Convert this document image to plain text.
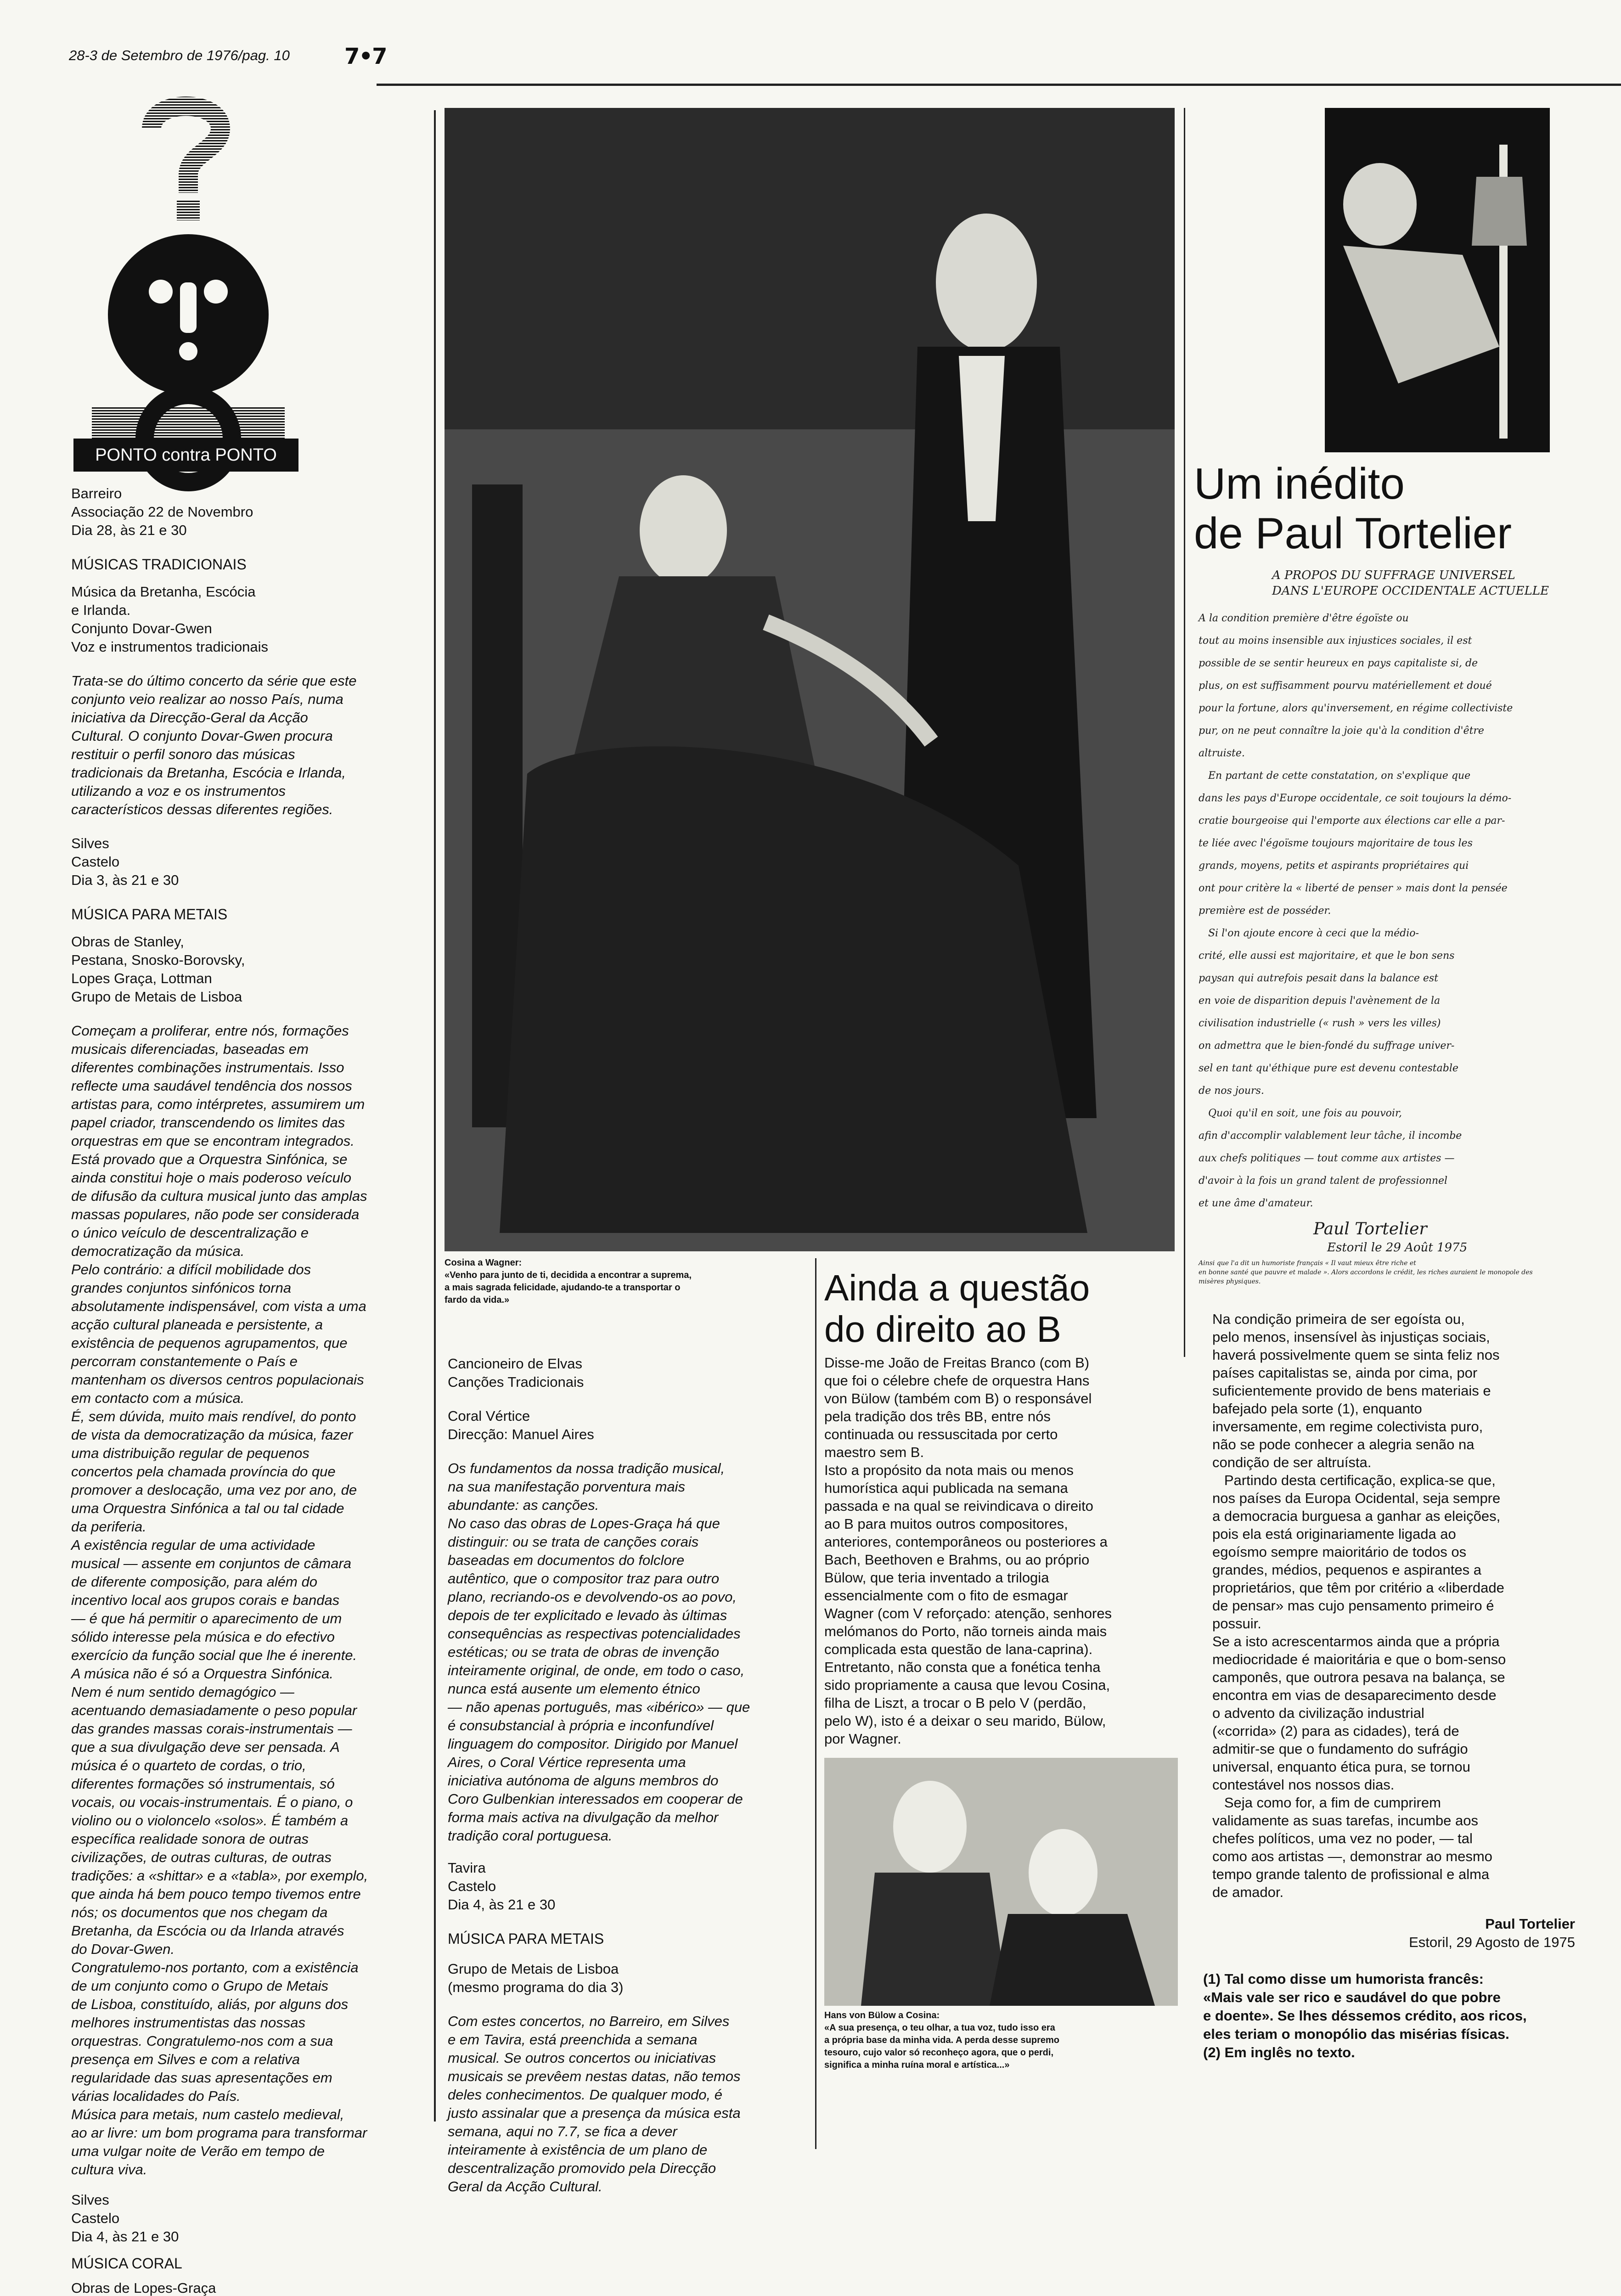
28-3 de Setembro de 1976/pag. 10 7•7
PONTO contra PONTO

Barreiro

Associação 22 de Novembro

Dia 28, às 21 e 30

MÚSICAS TRADICIONAIS

Música da Bretanha, Escócia
e Irlanda.
Conjunto Dovar-Gwen
Voz e instrumentos tradicionais

Trata-se do último concerto da série que este
conjunto veio realizar ao nosso País, numa
iniciativa da Direcção-Geral da Acção
Cultural. O conjunto Dovar-Gwen procura
restituir o perfil sonoro das músicas
tradicionais da Bretanha, Escócia e Irlanda,
utilizando a voz e os instrumentos
característicos dessas diferentes regiões.

Silves

Castelo

Dia 3, às 21 e 30

MÚSICA PARA METAIS

Obras de Stanley,
Pestana, Snosko-Borovsky,
Lopes Graça, Lottman
Grupo de Metais de Lisboa

Começam a proliferar, entre nós, formações
musicais diferenciadas, baseadas em
diferentes combinações instrumentais. Isso
reflecte uma saudável tendência dos nossos
artistas para, como intérpretes, assumirem um
papel criador, transcendendo os limites das
orquestras em que se encontram integrados.
Está provado que a Orquestra Sinfónica, se
ainda constitui hoje o mais poderoso veículo
de difusão da cultura musical junto das amplas
massas populares, não pode ser considerada
o único veículo de descentralização e
democratização da música.
Pelo contrário: a difícil mobilidade dos
grandes conjuntos sinfónicos torna
absolutamente indispensável, com vista a uma
acção cultural planeada e persistente, a
existência de pequenos agrupamentos, que
percorram constantemente o País e
mantenham os diversos centros populacionais
em contacto com a música.
É, sem dúvida, muito mais rendível, do ponto
de vista da democratização da música, fazer
uma distribuição regular de pequenos
concertos pela chamada província do que
promover a deslocação, uma vez por ano, de
uma Orquestra Sinfónica a tal ou tal cidade
da periferia.
A existência regular de uma actividade
musical — assente em conjuntos de câmara
de diferente composição, para além do
incentivo local aos grupos corais e bandas
— é que há permitir o aparecimento de um
sólido interesse pela música e do efectivo
exercício da função social que lhe é inerente.
A música não é só a Orquestra Sinfónica.
Nem é num sentido demagógico —
acentuando demasiadamente o peso popular
das grandes massas corais-instrumentais —
que a sua divulgação deve ser pensada. A
música é o quarteto de cordas, o trio,
diferentes formações só instrumentais, só
vocais, ou vocais-instrumentais. É o piano, o
violino ou o violoncelo «solos». É também a
específica realidade sonora de outras
civilizações, de outras culturas, de outras
tradições: a «shittar» e a «tabla», por exemplo,
que ainda há bem pouco tempo tivemos entre
nós; os documentos que nos chegam da
Bretanha, da Escócia ou da Irlanda através
do Dovar-Gwen.
Congratulemo-nos portanto, com a existência
de um conjunto como o Grupo de Metais
de Lisboa, constituído, aliás, por alguns dos
melhores instrumentistas das nossas
orquestras. Congratulemo-nos com a sua
presença em Silves e com a relativa
regularidade das suas apresentações em
várias localidades do País.
Música para metais, num castelo medieval,
ao ar livre: um bom programa para transformar
uma vulgar noite de Verão em tempo de
cultura viva.

Silves

Castelo

Dia 4, às 21 e 30

MÚSICA CORAL

Obras de Lopes-Graça

Cosina a Wagner:

«Venho para junto de ti, decidida a encontrar a suprema,
a mais sagrada felicidade, ajudando-te a transportar o
fardo da vida.»

Cancioneiro de Elvas
Canções Tradicionais

Coral Vértice
Direcção: Manuel Aires

Os fundamentos da nossa tradição musical,
na sua manifestação porventura mais
abundante: as canções.
No caso das obras de Lopes-Graça há que
distinguir: ou se trata de canções corais
baseadas em documentos do folclore
autêntico, que o compositor traz para outro
plano, recriando-os e devolvendo-os ao povo,
depois de ter explicitado e levado às últimas
consequências as respectivas potencialidades
estéticas; ou se trata de obras de invenção
inteiramente original, de onde, em todo o caso,
nunca está ausente um elemento étnico
— não apenas português, mas «ibérico» — que
é consubstancial à própria e inconfundível
linguagem do compositor. Dirigido por Manuel
Aires, o Coral Vértice representa uma
iniciativa autónoma de alguns membros do
Coro Gulbenkian interessados em cooperar de
forma mais activa na divulgação da melhor
tradição coral portuguesa.

Tavira

Castelo

Dia 4, às 21 e 30

MÚSICA PARA METAIS

Grupo de Metais de Lisboa
(mesmo programa do dia 3)

Com estes concertos, no Barreiro, em Silves
e em Tavira, está preenchida a semana
musical. Se outros concertos ou iniciativas
musicais se prevêem nestas datas, não temos
deles conhecimentos. De qualquer modo, é
justo assinalar que a presença da música esta
semana, aqui no 7.7, se fica a dever
inteiramente à existência de um plano de
descentralização promovido pela Direcção
Geral da Acção Cultural.

Ainda a questão
do direito ao B

Disse-me João de Freitas Branco (com B)
que foi o célebre chefe de orquestra Hans
von Bülow (também com B) o responsável
pela tradição dos três BB, entre nós
continuada ou ressuscitada por certo
maestro sem B.
Isto a propósito da nota mais ou menos
humorística aqui publicada na semana
passada e na qual se reivindicava o direito
ao B para muitos outros compositores,
anteriores, contemporâneos ou posteriores a
Bach, Beethoven e Brahms, ou ao próprio
Bülow, que teria inventado a trilogia
essencialmente com o fito de esmagar
Wagner (com V reforçado: atenção, senhores
melómanos do Porto, não torneis ainda mais
complicada esta questão de lana-caprina).
Entretanto, não consta que a fonética tenha
sido propriamente a causa que levou Cosina,
filha de Liszt, a trocar o B pelo V (perdão,
pelo W), isto é a deixar o seu marido, Bülow,
por Wagner.

Hans von Bülow a Cosina:

«A sua presença, o teu olhar, a tua voz, tudo isso era
a própria base da minha vida. A perda desse supremo
tesouro, cujo valor só reconheço agora, que o perdi,
significa a minha ruína moral e artística...»

Um inédito
de Paul Tortelier

A PROPOS DU SUFFRAGE UNIVERSEL
DANS L'EUROPE OCCIDENTALE ACTUELLE

A la condition première d'être égoïste ou
tout au moins insensible aux injustices sociales, il est
possible de se sentir heureux en pays capitaliste si, de
plus, on est suffisamment pourvu matériellement et doué
pour la fortune, alors qu'inversement, en régime collectiviste
pur, on ne peut connaître la joie qu'à la condition d'être
altruiste.
En partant de cette constatation, on s'explique que
dans les pays d'Europe occidentale, ce soit toujours la démo-
cratie bourgeoise qui l'emporte aux élections car elle a par-
te liée avec l'égoïsme toujours majoritaire de tous les
grands, moyens, petits et aspirants propriétaires qui
ont pour critère la « liberté de penser » mais dont la pensée
première est de posséder.
Si l'on ajoute encore à ceci que la médio-
crité, elle aussi est majoritaire, et que le bon sens
paysan qui autrefois pesait dans la balance est
en voie de disparition depuis l'avènement de la
civilisation industrielle (« rush » vers les villes)
on admettra que le bien-fondé du suffrage univer-
sel en tant qu'éthique pure est devenu contestable
de nos jours.
Quoi qu'il en soit, une fois au pouvoir,
afin d'accomplir valablement leur tâche, il incombe
aux chefs politiques — tout comme aux artistes —
d'avoir à la fois un grand talent de professionnel
et une âme d'amateur.

Paul Tortelier

Estoril le 29 Août 1975

Ainsi que l'a dit un humoriste français « Il vaut mieux être riche et
en bonne santé que pauvre et malade ». Alors accordons le crédit, les riches auraient le monopole des
misères physiques.

Na condição primeira de ser egoísta ou,
pelo menos, insensível às injustiças sociais,
haverá possivelmente quem se sinta feliz nos
países capitalistas se, ainda por cima, por
suficientemente provido de bens materiais e
bafejado pela sorte (1), enquanto
inversamente, em regime colectivista puro,
não se pode conhecer a alegria senão na
condição de ser altruísta.
Partindo desta certificação, explica-se que,
nos países da Europa Ocidental, seja sempre
a democracia burguesa a ganhar as eleições,
pois ela está originariamente ligada ao
egoísmo sempre maioritário de todos os
grandes, médios, pequenos e aspirantes a
proprietários, que têm por critério a «liberdade
de pensar» mas cujo pensamento primeiro é
possuir.
Se a isto acrescentarmos ainda que a própria
mediocridade é maioritária e que o bom-senso
camponês, que outrora pesava na balança, se
encontra em vias de desaparecimento desde
o advento da civilização industrial
(«corrida» (2) para as cidades), terá de
admitir-se que o fundamento do sufrágio
universal, enquanto ética pura, se tornou
contestável nos nossos dias.
Seja como for, a fim de cumprirem
validamente as suas tarefas, incumbe aos
chefes políticos, uma vez no poder, — tal
como aos artistas —, demonstrar ao mesmo
tempo grande talento de profissional e alma
de amador.

Paul Tortelier

Estoril, 29 Agosto de 1975

(1) Tal como disse um humorista francês:
«Mais vale ser rico e saudável do que pobre
e doente». Se lhes déssemos crédito, aos ricos,
eles teriam o monopólio das misérias físicas.
(2) Em inglês no texto.
